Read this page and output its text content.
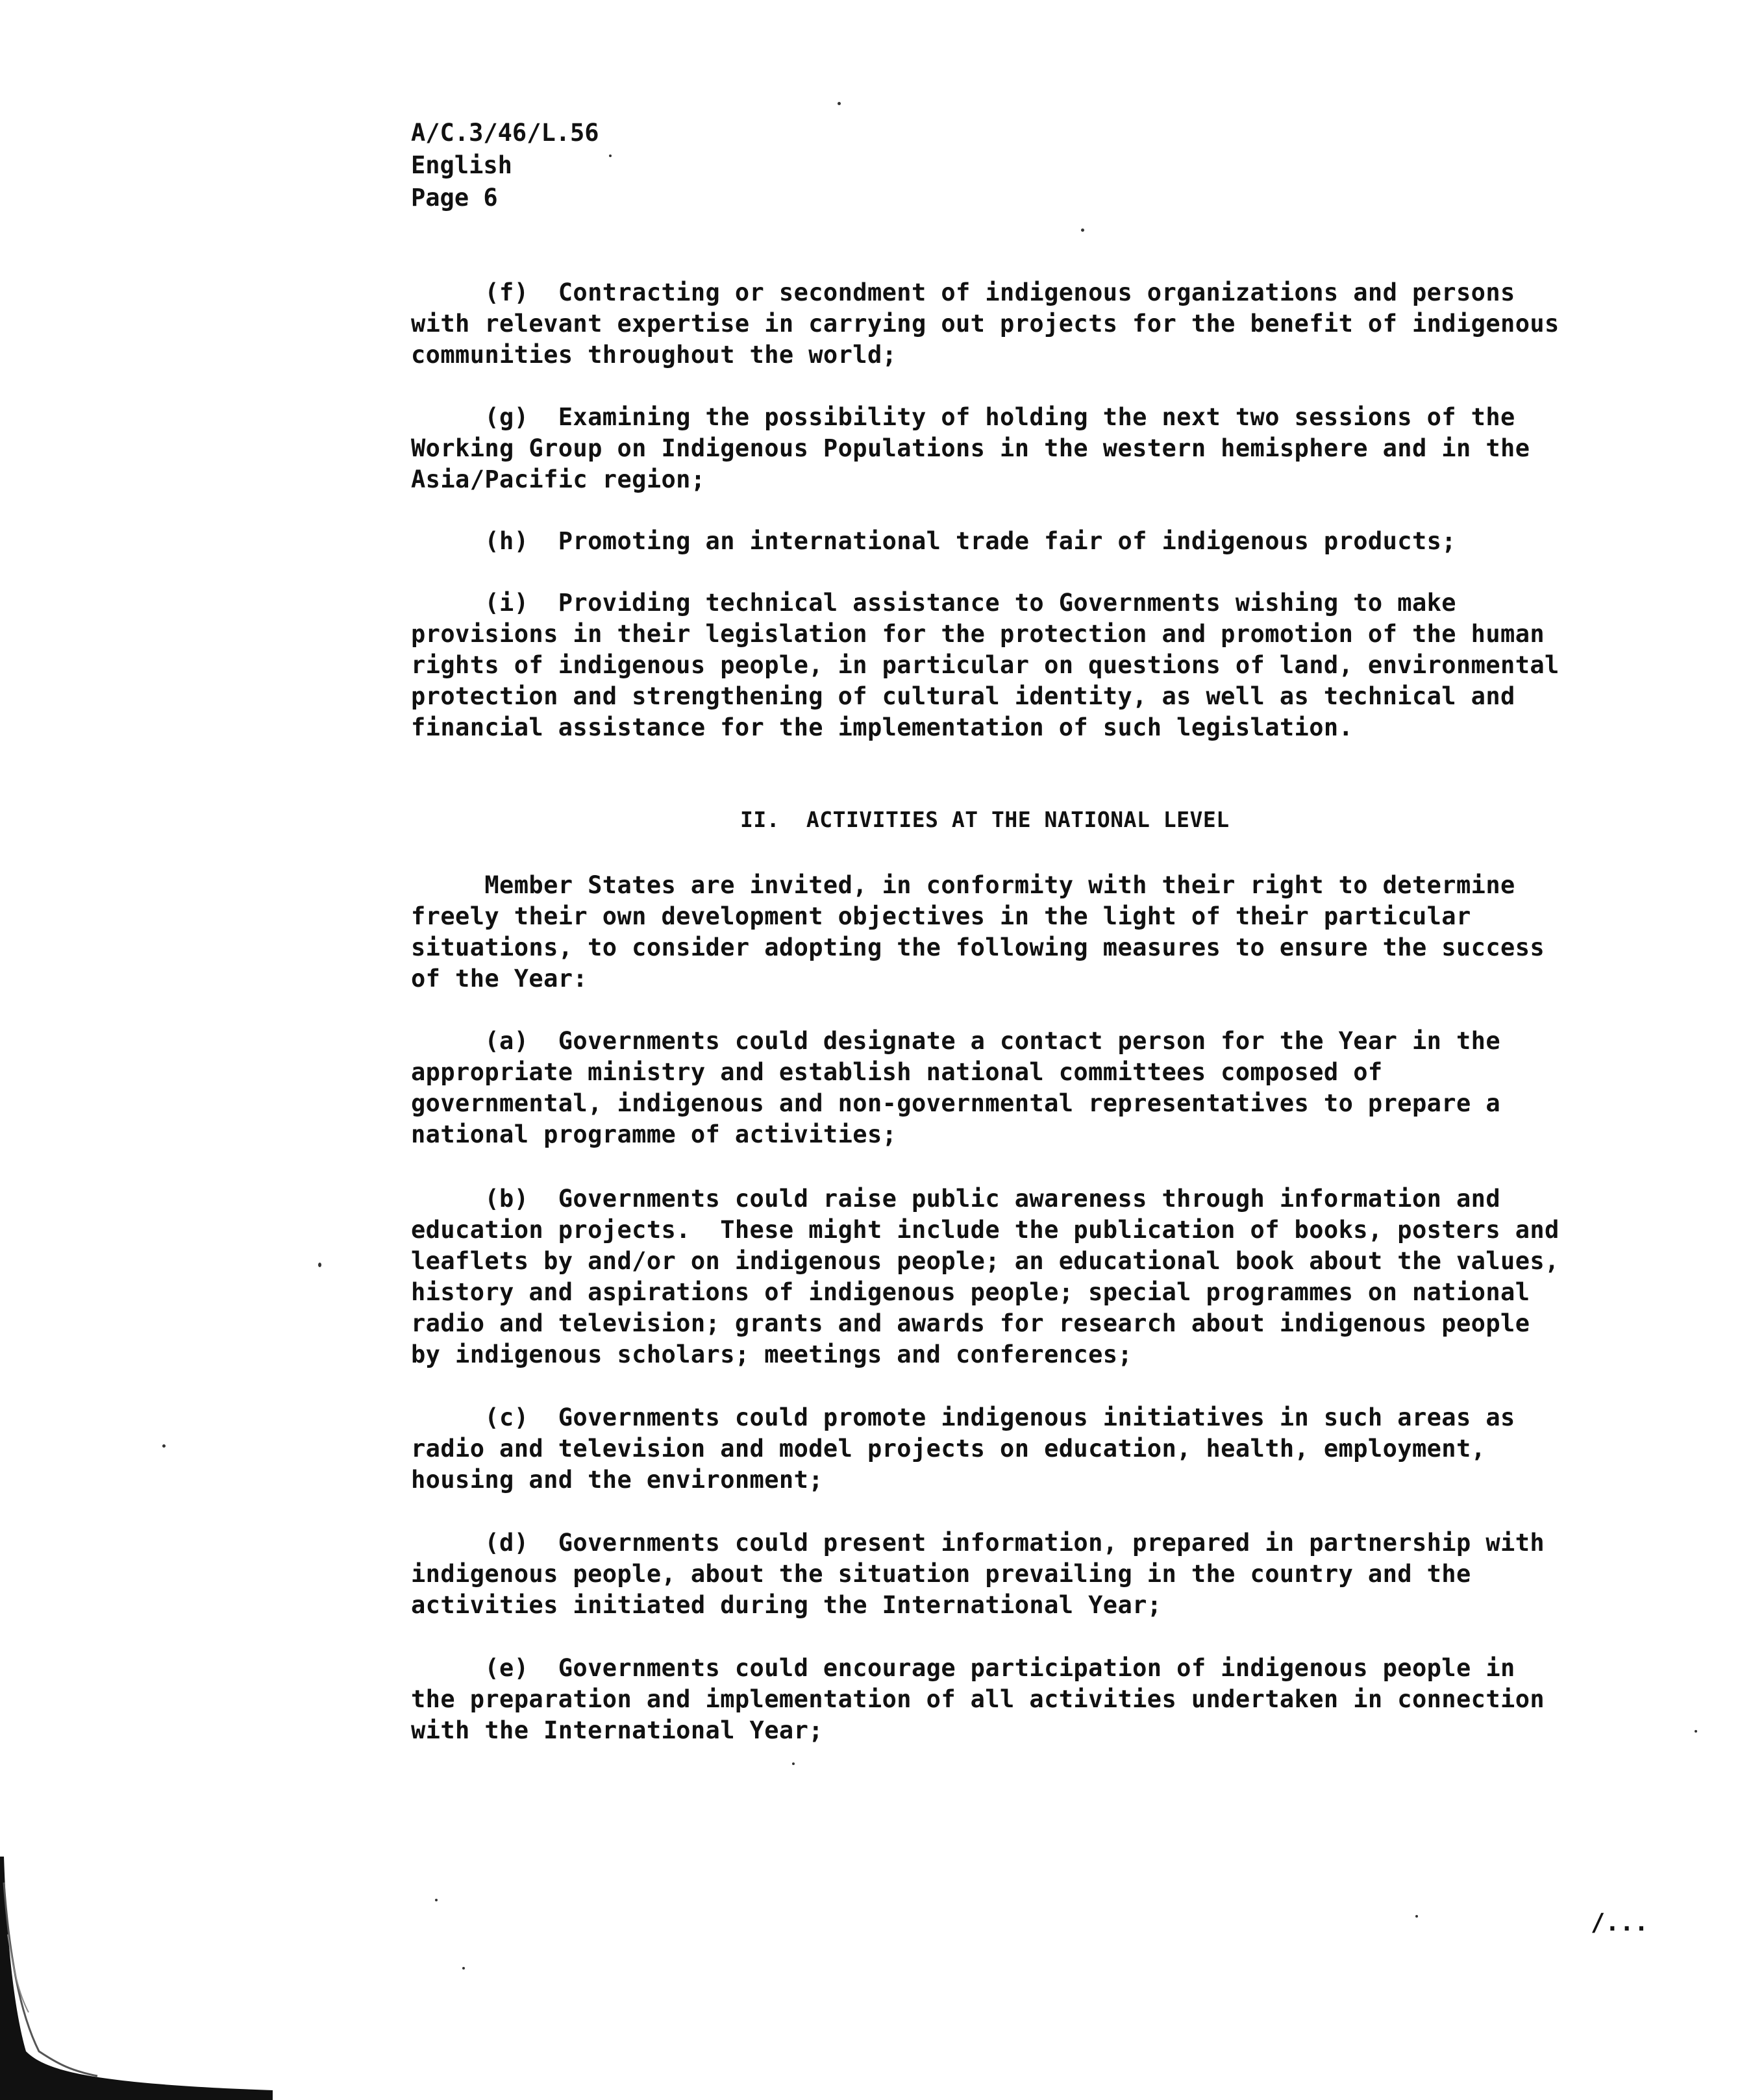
A/C.3/46/L.56
English
Page 6
(f)  Contracting or secondment of indigenous organizations and persons
with relevant expertise in carrying out projects for the benefit of indigenous
communities throughout the world;
(g)  Examining the possibility of holding the next two sessions of the
Working Group on Indigenous Populations in the western hemisphere and in the
Asia/Pacific region;
(h)  Promoting an international trade fair of indigenous products;
(i)  Providing technical assistance to Governments wishing to make
provisions in their legislation for the protection and promotion of the human
rights of indigenous people, in particular on questions of land, environmental
protection and strengthening of cultural identity, as well as technical and
financial assistance for the implementation of such legislation.
II.  ACTIVITIES AT THE NATIONAL LEVEL
Member States are invited, in conformity with their right to determine
freely their own development objectives in the light of their particular
situations, to consider adopting the following measures to ensure the success
of the Year:
(a)  Governments could designate a contact person for the Year in the
appropriate ministry and establish national committees composed of
governmental, indigenous and non-governmental representatives to prepare a
national programme of activities;
(b)  Governments could raise public awareness through information and
education projects.  These might include the publication of books, posters and
leaflets by and/or on indigenous people; an educational book about the values,
history and aspirations of indigenous people; special programmes on national
radio and television; grants and awards for research about indigenous people
by indigenous scholars; meetings and conferences;
(c)  Governments could promote indigenous initiatives in such areas as
radio and television and model projects on education, health, employment,
housing and the environment;
(d)  Governments could present information, prepared in partnership with
indigenous people, about the situation prevailing in the country and the
activities initiated during the International Year;
(e)  Governments could encourage participation of indigenous people in
the preparation and implementation of all activities undertaken in connection
with the International Year;
/...
